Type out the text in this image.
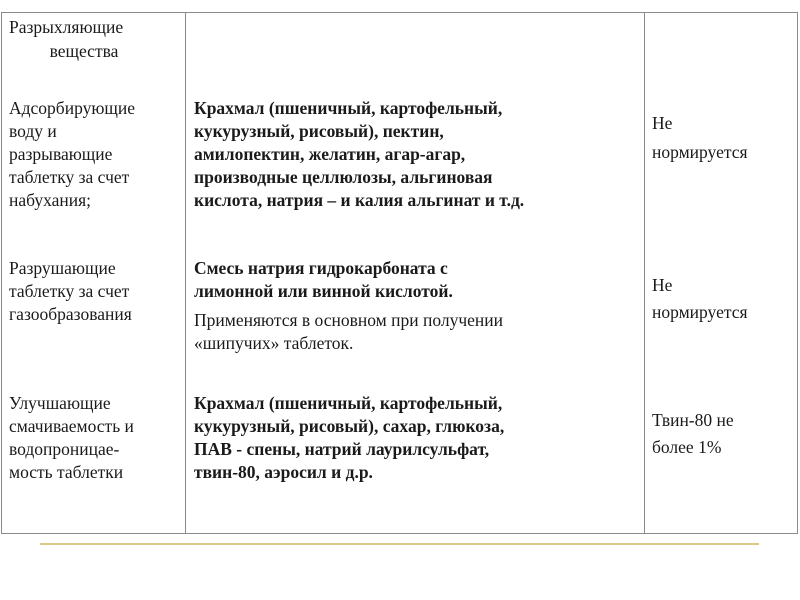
Разрыхляющие
вещества
Адсорбирующие
воду и
разрывающие
таблетку за счет
набухания;
Разрушающие
таблетку за счет
газообразования
Улучшающие
смачиваемость и
водопроницае-
мость таблетки
Крахмал (пшеничный, картофельный,
кукурузный, рисовый), пектин,
амилопектин, желатин, агар-агар,
производные целлюлозы, альгиновая
кислота, натрия – и калия альгинат и т.д.
Смесь натрия гидрокарбоната с
лимонной или винной кислотой.
Применяются в основном при получении
«шипучих» таблеток.
Крахмал (пшеничный, картофельный,
кукурузный, рисовый), сахар, глюкоза,
ПАВ - спены, натрий лаурилсульфат,
твин-80, аэросил и д.р.
Не
нормируется
Не
нормируется
Твин-80 не
более 1%
